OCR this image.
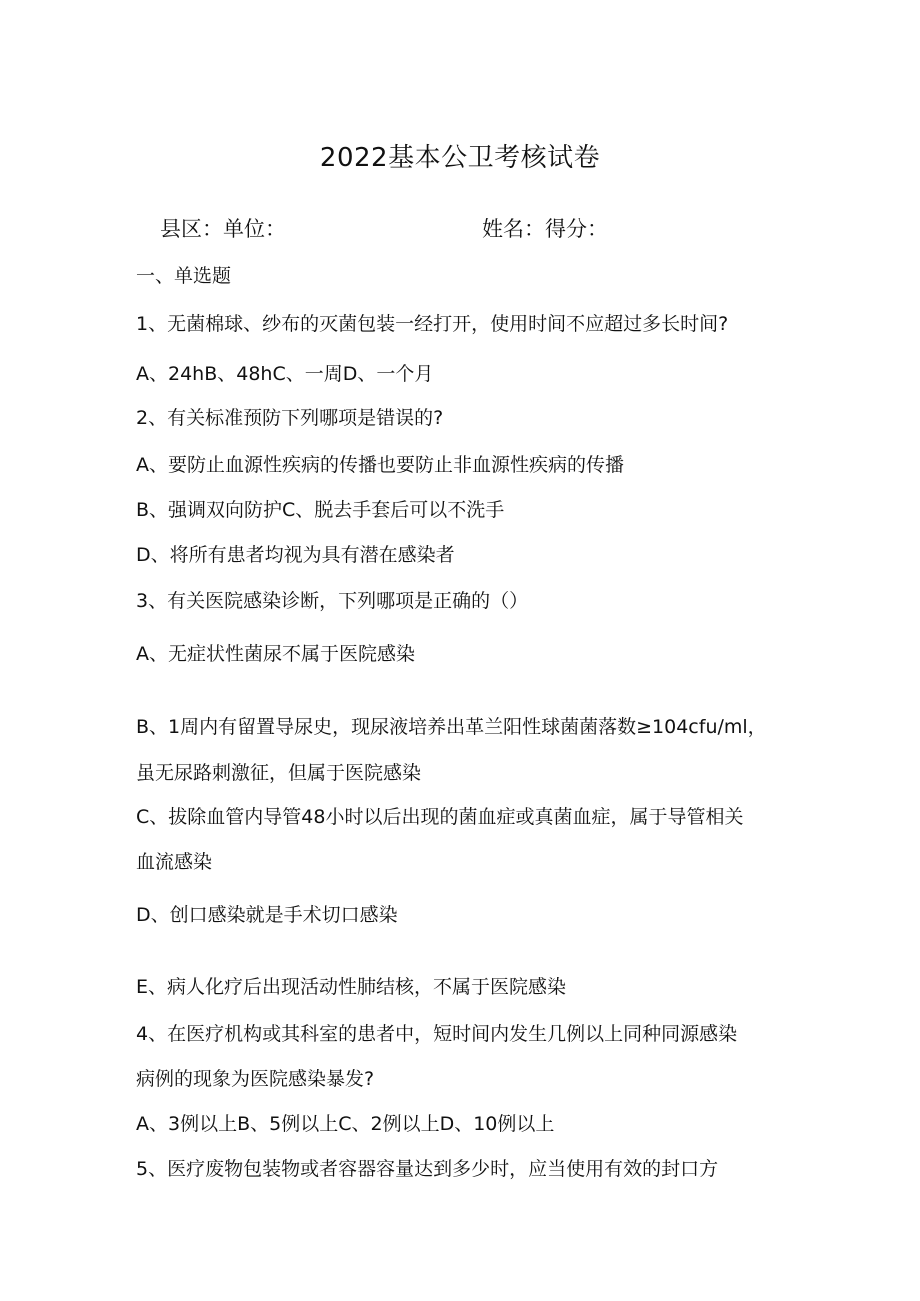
2022基本公卫考核试卷
县区：单位：	姓名：得分：
一、单选题
1、无菌棉球、纱布的灭菌包装一经打开，使用时间不应超过多长时间?
A、24hB、48hC、一周D、一个月
2、有关标准预防下列哪项是错误的?
A、要防止血源性疾病的传播也要防止非血源性疾病的传播
B、强调双向防护C、脱去手套后可以不洗手
D、将所有患者均视为具有潜在感染者
3、有关医院感染诊断，下列哪项是正确的（）
A、无症状性菌尿不属于医院感染
B、1周内有留置导尿史，现尿液培养出革兰阳性球菌菌落数≥104cfu∕ml，
虽无尿路刺激征，但属于医院感染
C、拔除血管内导管48小时以后出现的菌血症或真菌血症，属于导管相关
血流感染
D、创口感染就是手术切口感染
E、病人化疗后出现活动性肺结核，不属于医院感染
4、在医疗机构或其科室的患者中，短时间内发生几例以上同种同源感染
病例的现象为医院感染暴发?
A、3例以上B、5例以上C、2例以上D、10例以上
5、医疗废物包装物或者容器容量达到多少时，应当使用有效的封口方
